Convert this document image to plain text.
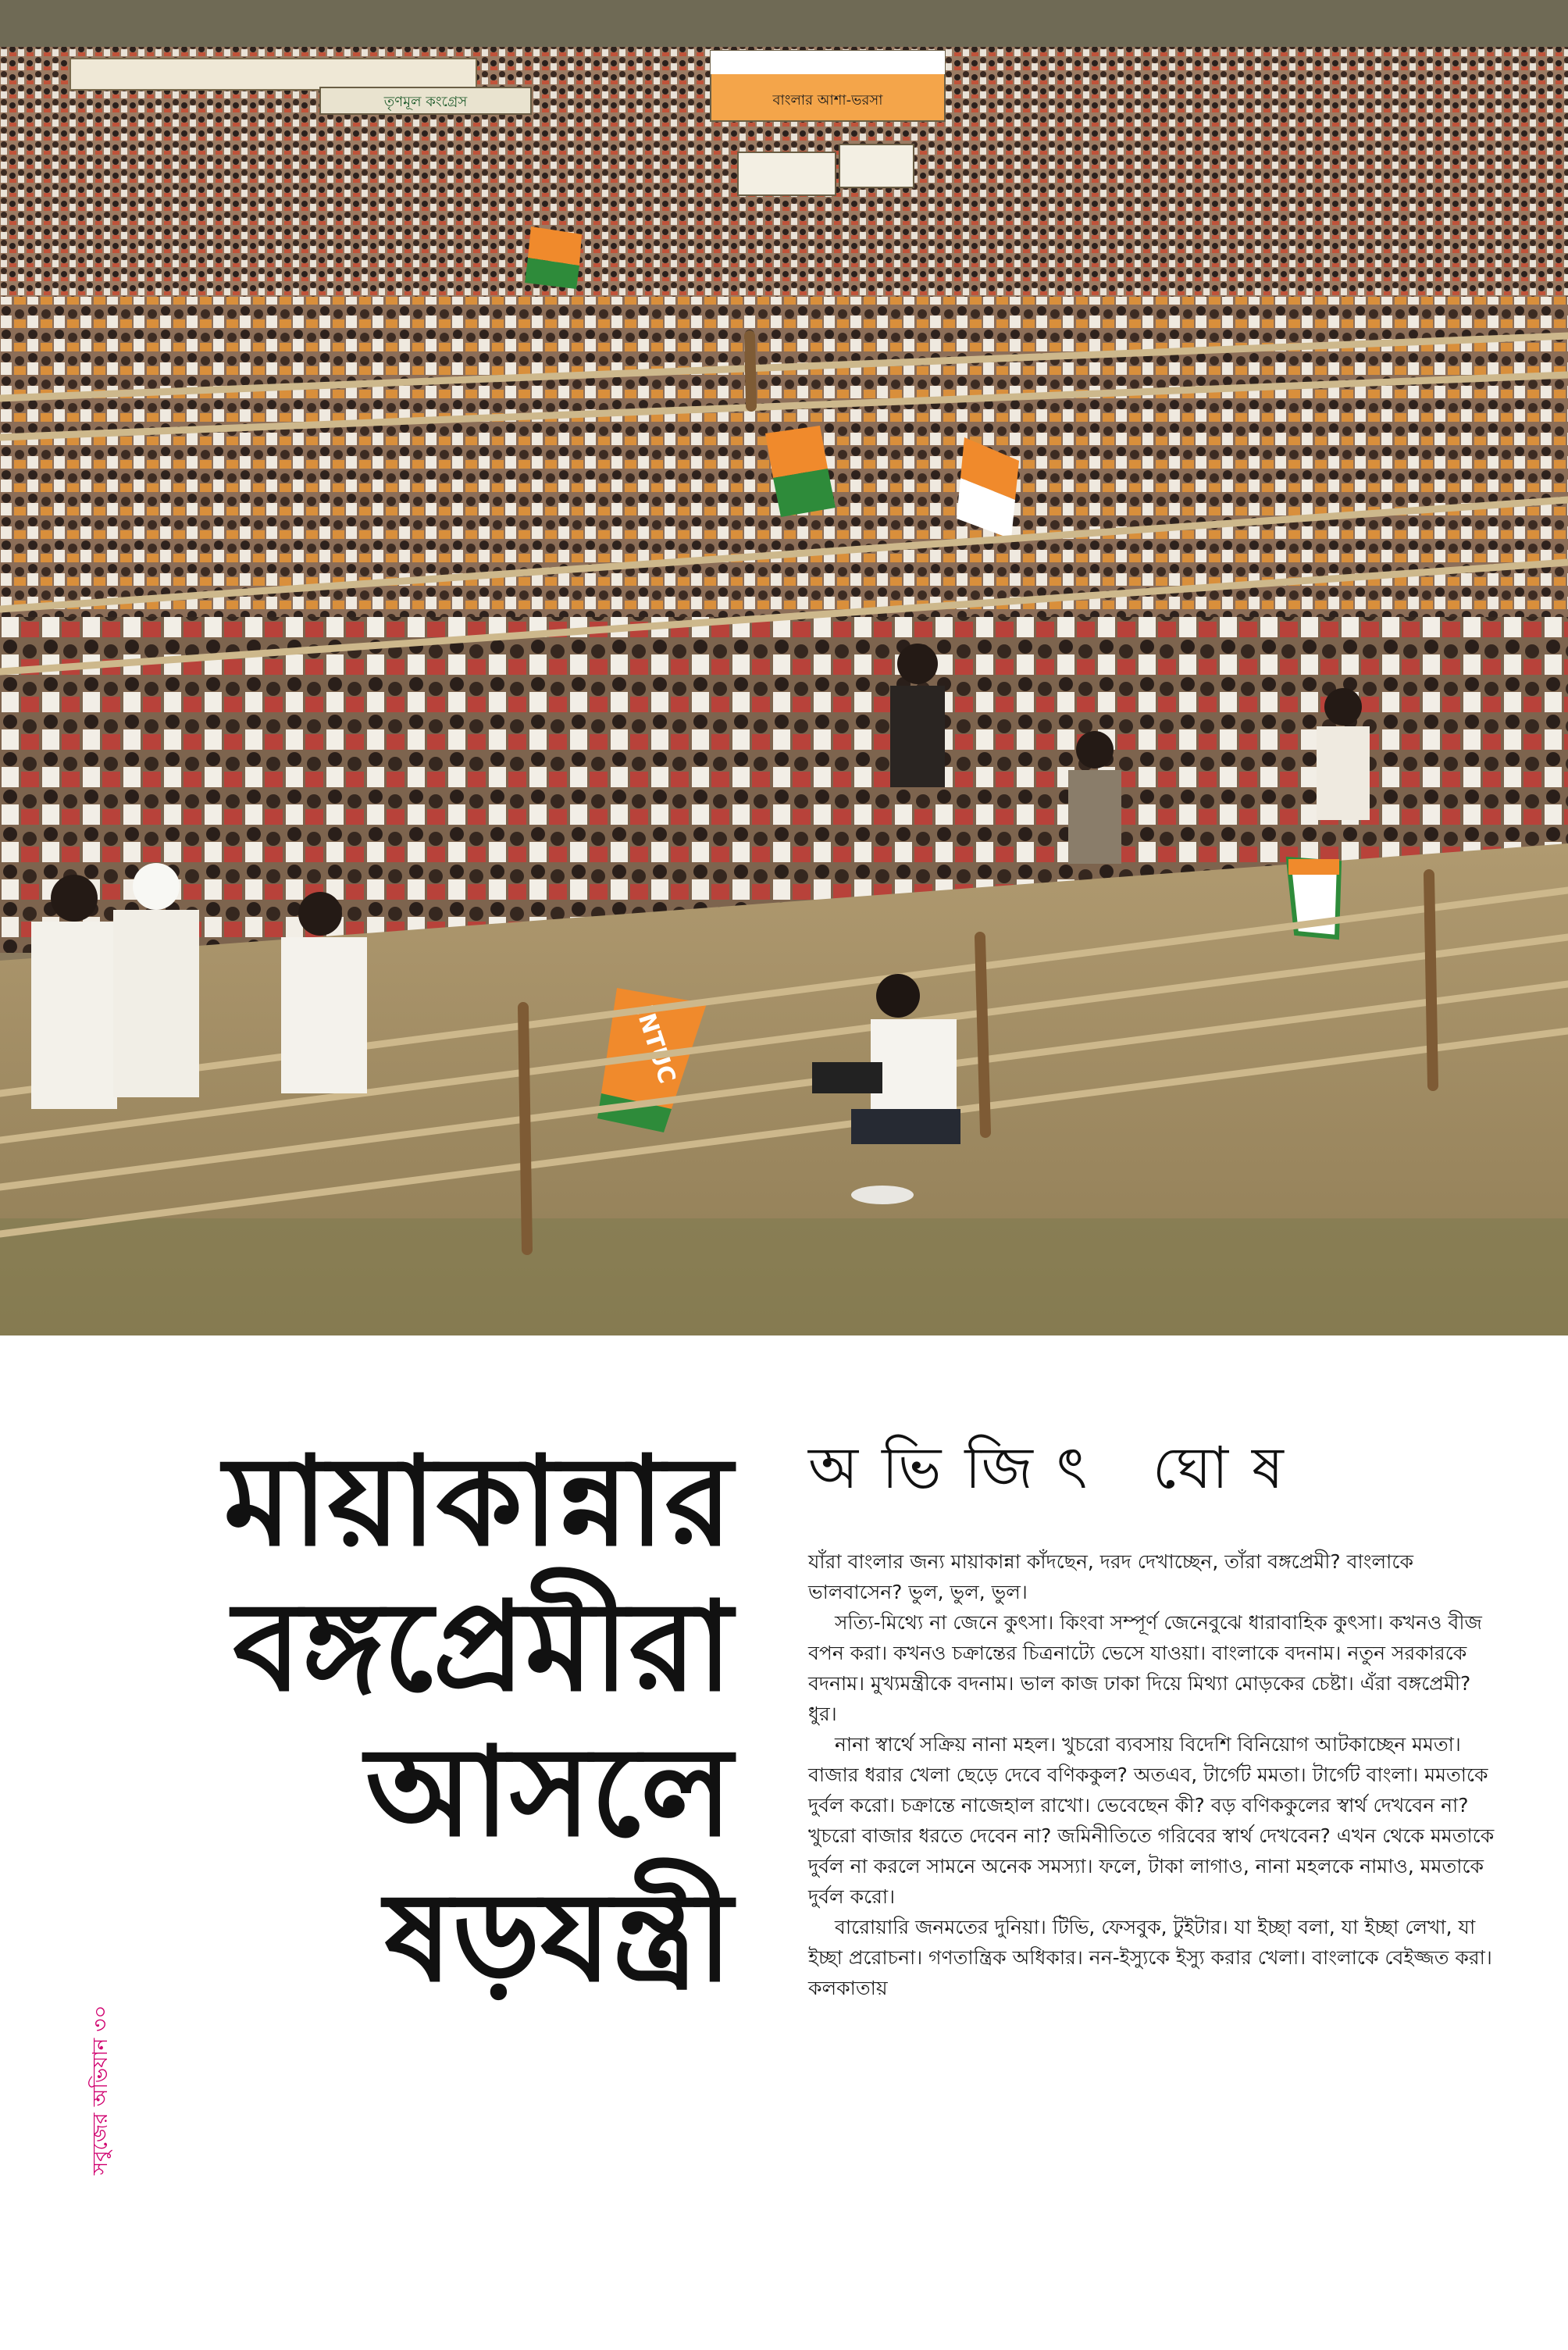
তৃণমূল কংগ্রেস	বাংলার আশা-ভরসা
INTUC
মায়াকান্নার
বঙ্গপ্রেমীরা
আসলে
ষড়যন্ত্রী
অভিজিৎ ঘোষ

যাঁরা বাংলার জন্য মায়াকান্না কাঁদছেন, দরদ দেখাচ্ছেন, তাঁরা বঙ্গপ্রেমী? বাংলাকে ভালবাসেন? ভুল, ভুল, ভুল।

সত্যি-মিথ্যে না জেনে কুৎসা। কিংবা সম্পূর্ণ জেনেবুঝে ধারাবাহিক কুৎসা। কখনও বীজ বপন করা। কখনও চক্রান্তের চিত্রনাট্যে ভেসে যাওয়া। বাংলাকে বদনাম। নতুন সরকারকে বদনাম। মুখ্যমন্ত্রীকে বদনাম। ভাল কাজ ঢাকা দিয়ে মিথ্যা মোড়কের চেষ্টা। এঁরা বঙ্গপ্রেমী? ধুর।

নানা স্বার্থে সক্রিয় নানা মহল। খুচরো ব্যবসায় বিদেশি বিনিয়োগ আটকাচ্ছেন মমতা। বাজার ধরার খেলা ছেড়ে দেবে বণিককুল? অতএব, টার্গেট মমতা। টার্গেট বাংলা। মমতাকে দুর্বল করো। চক্রান্তে নাজেহাল রাখো। ভেবেছেন কী? বড় বণিককুলের স্বার্থ দেখবেন না? খুচরো বাজার ধরতে দেবেন না? জমিনীতিতে গরিবের স্বার্থ দেখবেন? এখন থেকে মমতাকে দুর্বল না করলে সামনে অনেক সমস্যা। ফলে, টাকা লাগাও, নানা মহলকে নামাও, মমতাকে দুর্বল করো।

বারোয়ারি জনমতের দুনিয়া। টিভি, ফেসবুক, টুইটার। যা ইচ্ছা বলা, যা ইচ্ছা লেখা, যা ইচ্ছা প্ররোচনা। গণতান্ত্রিক অধিকার। নন-ইস্যুকে ইস্যু করার খেলা। বাংলাকে বেইজ্জত করা। কলকাতায়

সবুজের অভিযান ৩০
